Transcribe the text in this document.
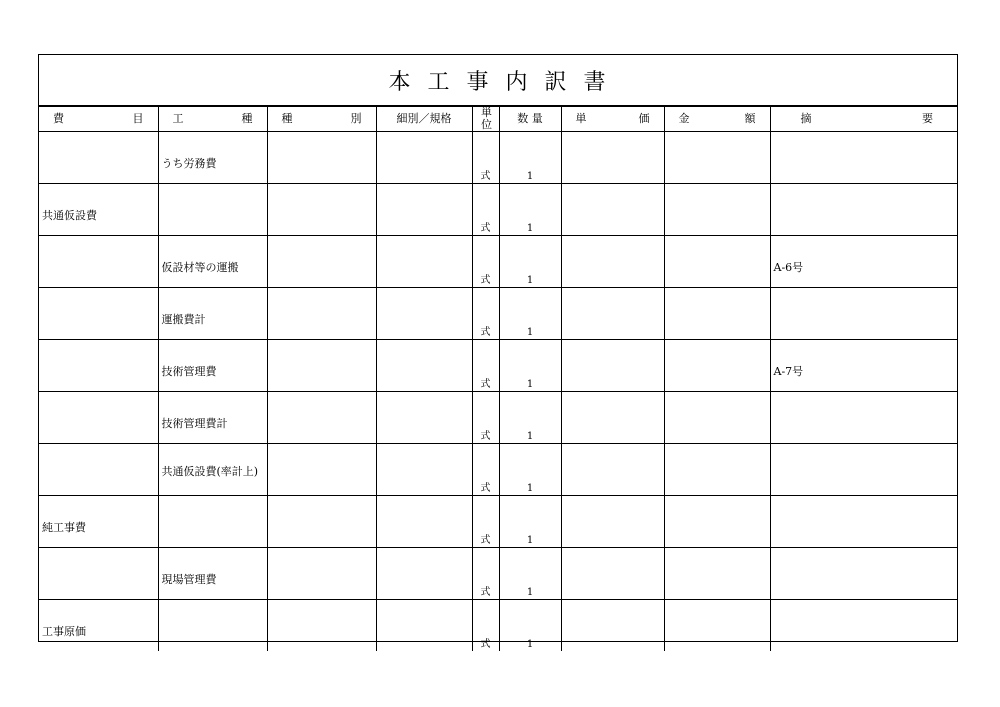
本 工 事 内 訳 書
費 目	工 種	種 別	細別／規格	単位	数 量	単 価	金 額	摘 要

	うち労務費			式	1			

共通仮設費				式	1			

	仮設材等の運搬			式	1			A-6号

	運搬費計			式	1			

	技術管理費			式	1			A-7号

	技術管理費計			式	1			

	共通仮設費(率計上)			式	1			

純工事費				式	1			

	現場管理費			式	1			

工事原価				式	1			
